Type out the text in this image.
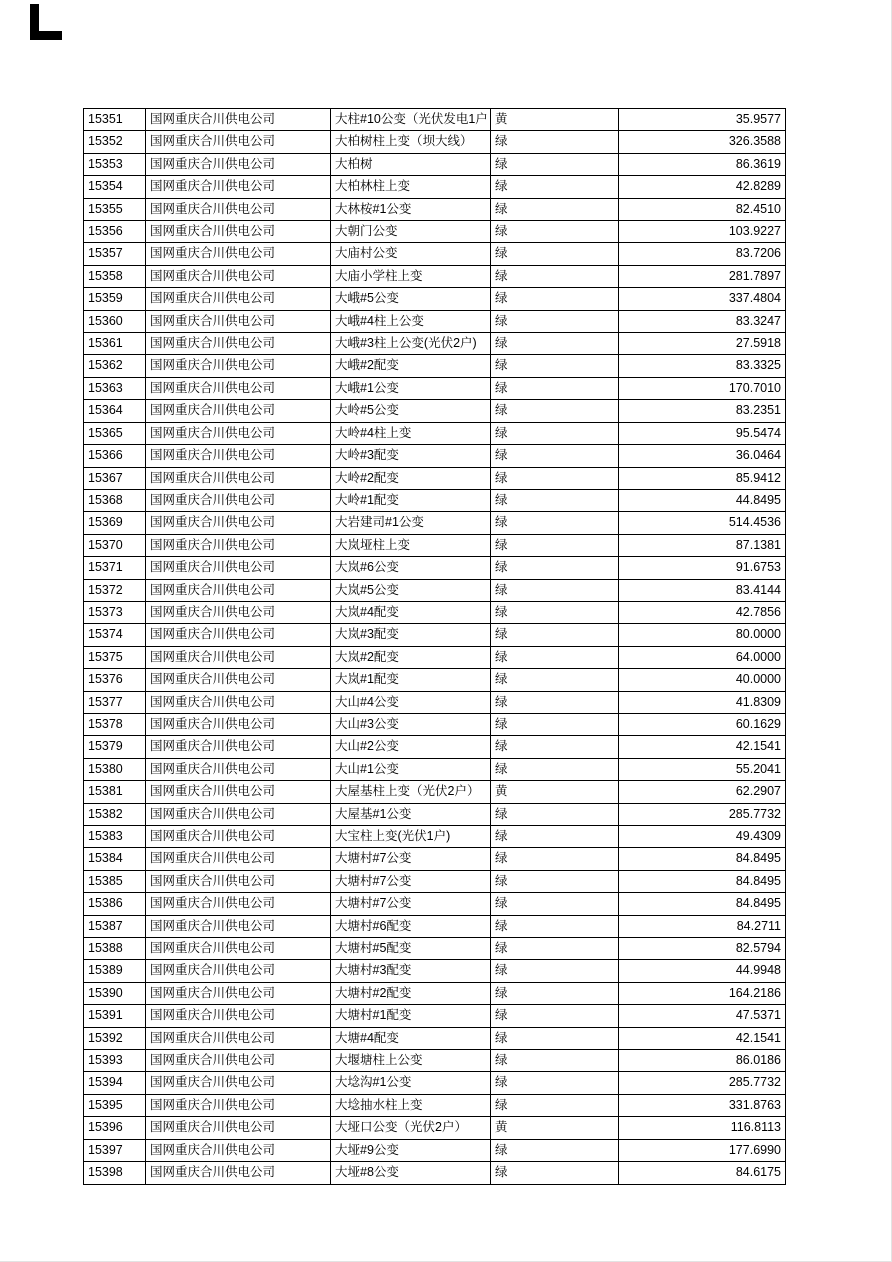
15351	国网重庆合川供电公司	大柱#10公变（光伏发电1户	黄	35.9577
15352	国网重庆合川供电公司	大柏树柱上变（坝大线）	绿	326.3588
15353	国网重庆合川供电公司	大柏树	绿	86.3619
15354	国网重庆合川供电公司	大柏林柱上变	绿	42.8289
15355	国网重庆合川供电公司	大林桉#1公变	绿	82.4510
15356	国网重庆合川供电公司	大朝门公变	绿	103.9227
15357	国网重庆合川供电公司	大庙村公变	绿	83.7206
15358	国网重庆合川供电公司	大庙小学柱上变	绿	281.7897
15359	国网重庆合川供电公司	大峨#5公变	绿	337.4804
15360	国网重庆合川供电公司	大峨#4柱上公变	绿	83.3247
15361	国网重庆合川供电公司	大峨#3柱上公变(光伏2户)	绿	27.5918
15362	国网重庆合川供电公司	大峨#2配变	绿	83.3325
15363	国网重庆合川供电公司	大峨#1公变	绿	170.7010
15364	国网重庆合川供电公司	大岭#5公变	绿	83.2351
15365	国网重庆合川供电公司	大岭#4柱上变	绿	95.5474
15366	国网重庆合川供电公司	大岭#3配变	绿	36.0464
15367	国网重庆合川供电公司	大岭#2配变	绿	85.9412
15368	国网重庆合川供电公司	大岭#1配变	绿	44.8495
15369	国网重庆合川供电公司	大岩建司#1公变	绿	514.4536
15370	国网重庆合川供电公司	大岚垭柱上变	绿	87.1381
15371	国网重庆合川供电公司	大岚#6公变	绿	91.6753
15372	国网重庆合川供电公司	大岚#5公变	绿	83.4144
15373	国网重庆合川供电公司	大岚#4配变	绿	42.7856
15374	国网重庆合川供电公司	大岚#3配变	绿	80.0000
15375	国网重庆合川供电公司	大岚#2配变	绿	64.0000
15376	国网重庆合川供电公司	大岚#1配变	绿	40.0000
15377	国网重庆合川供电公司	大山#4公变	绿	41.8309
15378	国网重庆合川供电公司	大山#3公变	绿	60.1629
15379	国网重庆合川供电公司	大山#2公变	绿	42.1541
15380	国网重庆合川供电公司	大山#1公变	绿	55.2041
15381	国网重庆合川供电公司	大屋基柱上变（光伏2户）	黄	62.2907
15382	国网重庆合川供电公司	大屋基#1公变	绿	285.7732
15383	国网重庆合川供电公司	大宝柱上变(光伏1户)	绿	49.4309
15384	国网重庆合川供电公司	大塘村#7公变	绿	84.8495
15385	国网重庆合川供电公司	大塘村#7公变	绿	84.8495
15386	国网重庆合川供电公司	大塘村#7公变	绿	84.8495
15387	国网重庆合川供电公司	大塘村#6配变	绿	84.2711
15388	国网重庆合川供电公司	大塘村#5配变	绿	82.5794
15389	国网重庆合川供电公司	大塘村#3配变	绿	44.9948
15390	国网重庆合川供电公司	大塘村#2配变	绿	164.2186
15391	国网重庆合川供电公司	大塘村#1配变	绿	47.5371
15392	国网重庆合川供电公司	大塘#4配变	绿	42.1541
15393	国网重庆合川供电公司	大堰塘柱上公变	绿	86.0186
15394	国网重庆合川供电公司	大埝沟#1公变	绿	285.7732
15395	国网重庆合川供电公司	大埝抽水柱上变	绿	331.8763
15396	国网重庆合川供电公司	大垭口公变（光伏2户）	黄	116.8113
15397	国网重庆合川供电公司	大垭#9公变	绿	177.6990
15398	国网重庆合川供电公司	大垭#8公变	绿	84.6175
